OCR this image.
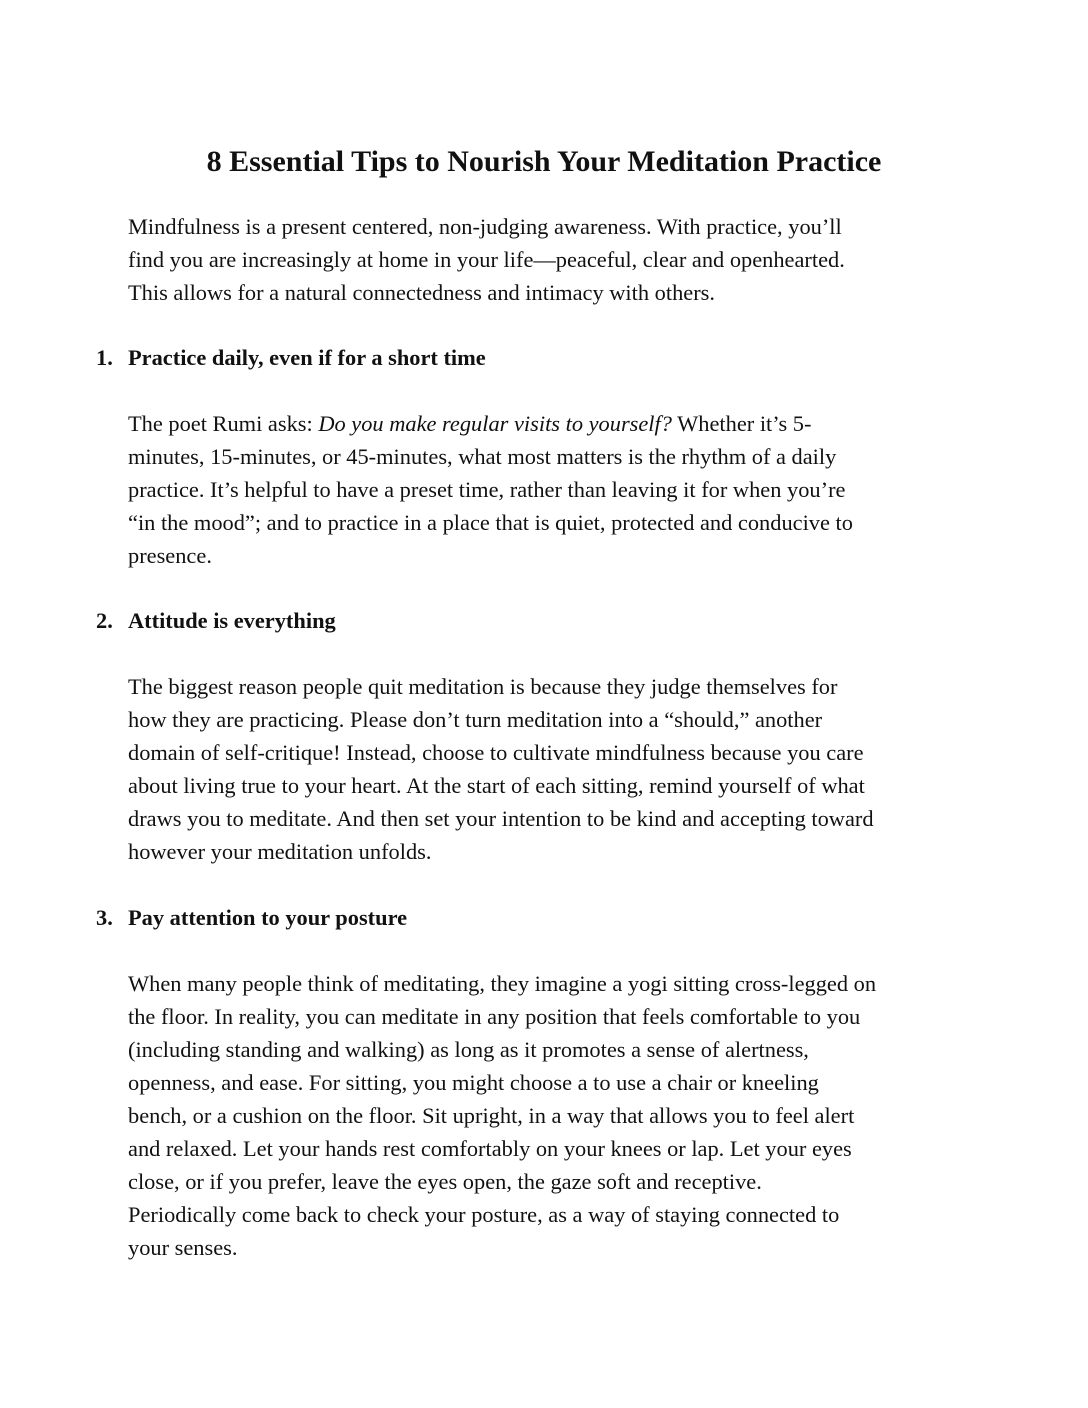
8 Essential Tips to Nourish Your Meditation Practice
Mindfulness is a present centered, non-judging awareness. With practice, you’ll
find you are increasingly at home in your life—peaceful, clear and openhearted.
This allows for a natural connectedness and intimacy with others.
1. Practice daily, even if for a short time
The poet Rumi asks: Do you make regular visits to yourself? Whether it’s 5-
minutes, 15-minutes, or 45-minutes, what most matters is the rhythm of a daily
practice. It’s helpful to have a preset time, rather than leaving it for when you’re
“in the mood”; and to practice in a place that is quiet, protected and conducive to
presence.
2. Attitude is everything
The biggest reason people quit meditation is because they judge themselves for
how they are practicing. Please don’t turn meditation into a “should,” another
domain of self-critique! Instead, choose to cultivate mindfulness because you care
about living true to your heart. At the start of each sitting, remind yourself of what
draws you to meditate. And then set your intention to be kind and accepting toward
however your meditation unfolds.
3. Pay attention to your posture
When many people think of meditating, they imagine a yogi sitting cross-legged on
the floor. In reality, you can meditate in any position that feels comfortable to you
(including standing and walking) as long as it promotes a sense of alertness,
openness, and ease. For sitting, you might choose a to use a chair or kneeling
bench, or a cushion on the floor. Sit upright, in a way that allows you to feel alert
and relaxed. Let your hands rest comfortably on your knees or lap. Let your eyes
close, or if you prefer, leave the eyes open, the gaze soft and receptive.
Periodically come back to check your posture, as a way of staying connected to
your senses.
